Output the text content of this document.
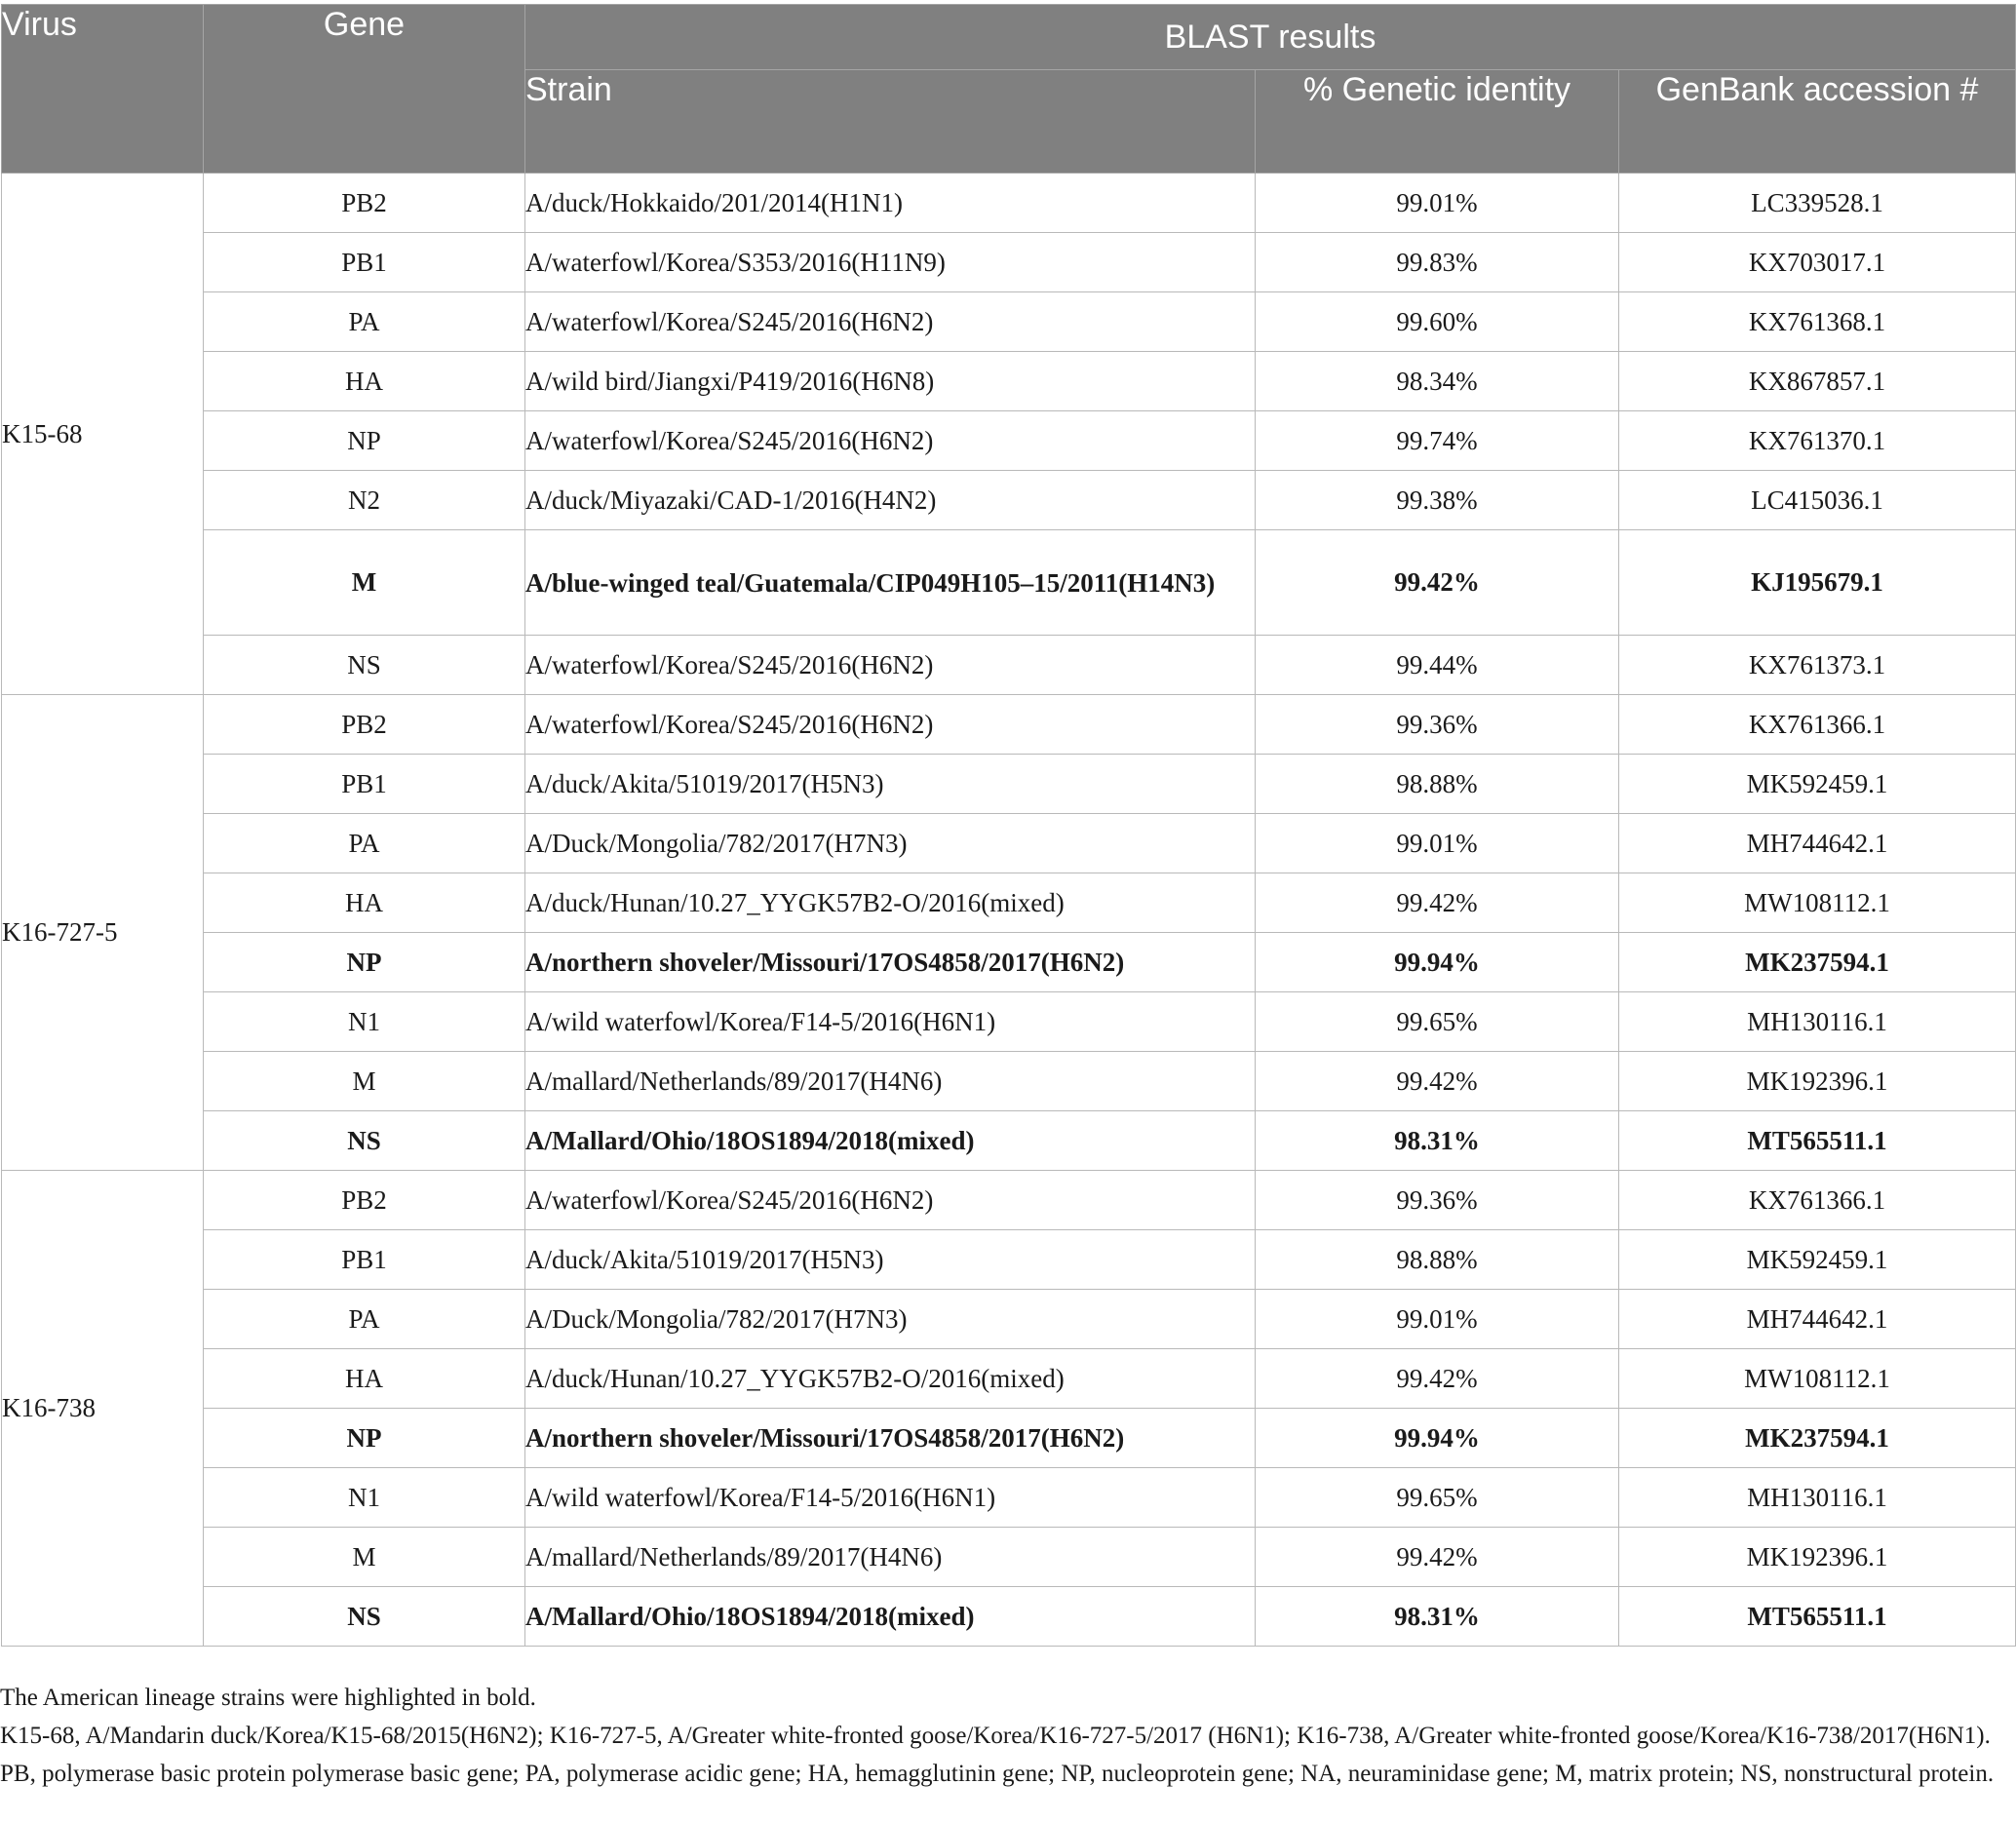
Virus	Gene	BLAST results		
		Strain	% Genetic identity	GenBank accession #
K15-68	PB2	A/duck/Hokkaido/201/2014(H1N1)	99.01%	LC339528.1
	PB1	A/waterfowl/Korea/S353/2016(H11N9)	99.83%	KX703017.1
	PA	A/waterfowl/Korea/S245/2016(H6N2)	99.60%	KX761368.1
	HA	A/wild bird/Jiangxi/P419/2016(H6N8)	98.34%	KX867857.1
	NP	A/waterfowl/Korea/S245/2016(H6N2)	99.74%	KX761370.1
	N2	A/duck/Miyazaki/CAD-1/2016(H4N2)	99.38%	LC415036.1
	M	A/blue-winged teal/Guatemala/CIP049H105–15/2011(H14N3)	99.42%	KJ195679.1
	NS	A/waterfowl/Korea/S245/2016(H6N2)	99.44%	KX761373.1
K16-727-5	PB2	A/waterfowl/Korea/S245/2016(H6N2)	99.36%	KX761366.1
	PB1	A/duck/Akita/51019/2017(H5N3)	98.88%	MK592459.1
	PA	A/Duck/Mongolia/782/2017(H7N3)	99.01%	MH744642.1
	HA	A/duck/Hunan/10.27_YYGK57B2-O/2016(mixed)	99.42%	MW108112.1
	NP	A/northern shoveler/Missouri/17OS4858/2017(H6N2)	99.94%	MK237594.1
	N1	A/wild waterfowl/Korea/F14-5/2016(H6N1)	99.65%	MH130116.1
	M	A/mallard/Netherlands/89/2017(H4N6)	99.42%	MK192396.1
	NS	A/Mallard/Ohio/18OS1894/2018(mixed)	98.31%	MT565511.1
K16-738	PB2	A/waterfowl/Korea/S245/2016(H6N2)	99.36%	KX761366.1
	PB1	A/duck/Akita/51019/2017(H5N3)	98.88%	MK592459.1
	PA	A/Duck/Mongolia/782/2017(H7N3)	99.01%	MH744642.1
	HA	A/duck/Hunan/10.27_YYGK57B2-O/2016(mixed)	99.42%	MW108112.1
	NP	A/northern shoveler/Missouri/17OS4858/2017(H6N2)	99.94%	MK237594.1
	N1	A/wild waterfowl/Korea/F14-5/2016(H6N1)	99.65%	MH130116.1
	M	A/mallard/Netherlands/89/2017(H4N6)	99.42%	MK192396.1
	NS	A/Mallard/Ohio/18OS1894/2018(mixed)	98.31%	MT565511.1

The American lineage strains were highlighted in bold.

K15-68, A/Mandarin duck/Korea/K15-68/2015(H6N2); K16-727-5, A/Greater white-fronted goose/Korea/K16-727-5/2017 (H6N1); K16-738, A/Greater white-fronted goose/Korea/K16-738/2017(H6N1). PB, polymerase basic protein polymerase basic gene; PA, polymerase acidic gene; HA, hemagglutinin gene; NP, nucleoprotein gene; NA, neuraminidase gene; M, matrix protein; NS, nonstructural protein.
